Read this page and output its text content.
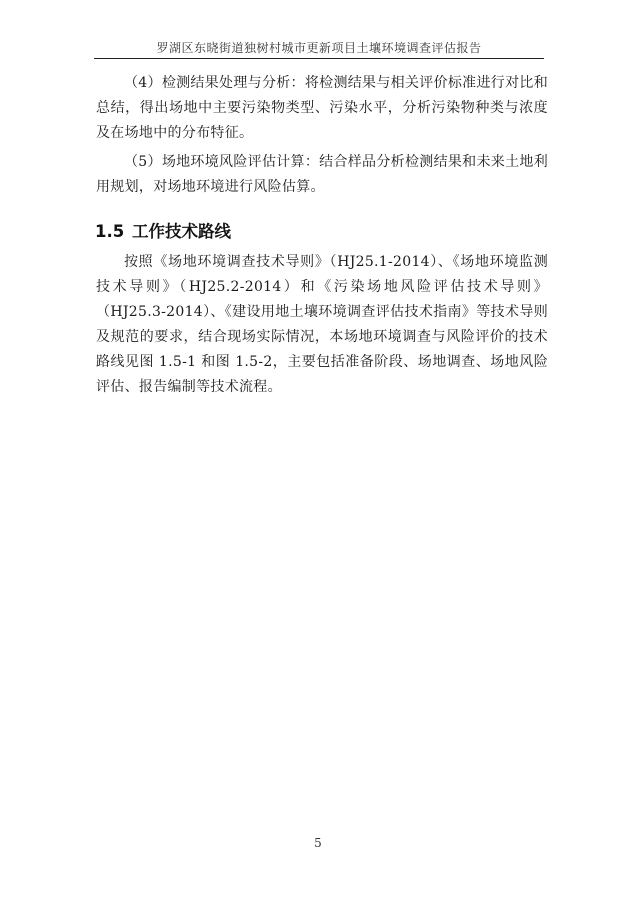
罗湖区东晓街道独树村城市更新项目土壤环境调查评估报告

（4）检测结果处理与分析：将检测结果与相关评价标准进行对比和总结，得出场地中主要污染物类型、污染水平，分析污染物种类与浓度及在场地中的分布特征。

（5）场地环境风险评估计算：结合样品分析检测结果和未来土地利用规划，对场地环境进行风险估算。

1.5 工作技术路线

按照《场地环境调查技术导则》（HJ25.1-2014）、《场地环境监测技术导则》（HJ25.2-2014）和《污染场地风险评估技术导则》（HJ25.3-2014）、《建设用地土壤环境调查评估技术指南》等技术导则及规范的要求，结合现场实际情况，本场地环境调查与风险评价的技术路线见图 1.5-1 和图 1.5-2，主要包括准备阶段、场地调查、场地风险评估、报告编制等技术流程。

5
